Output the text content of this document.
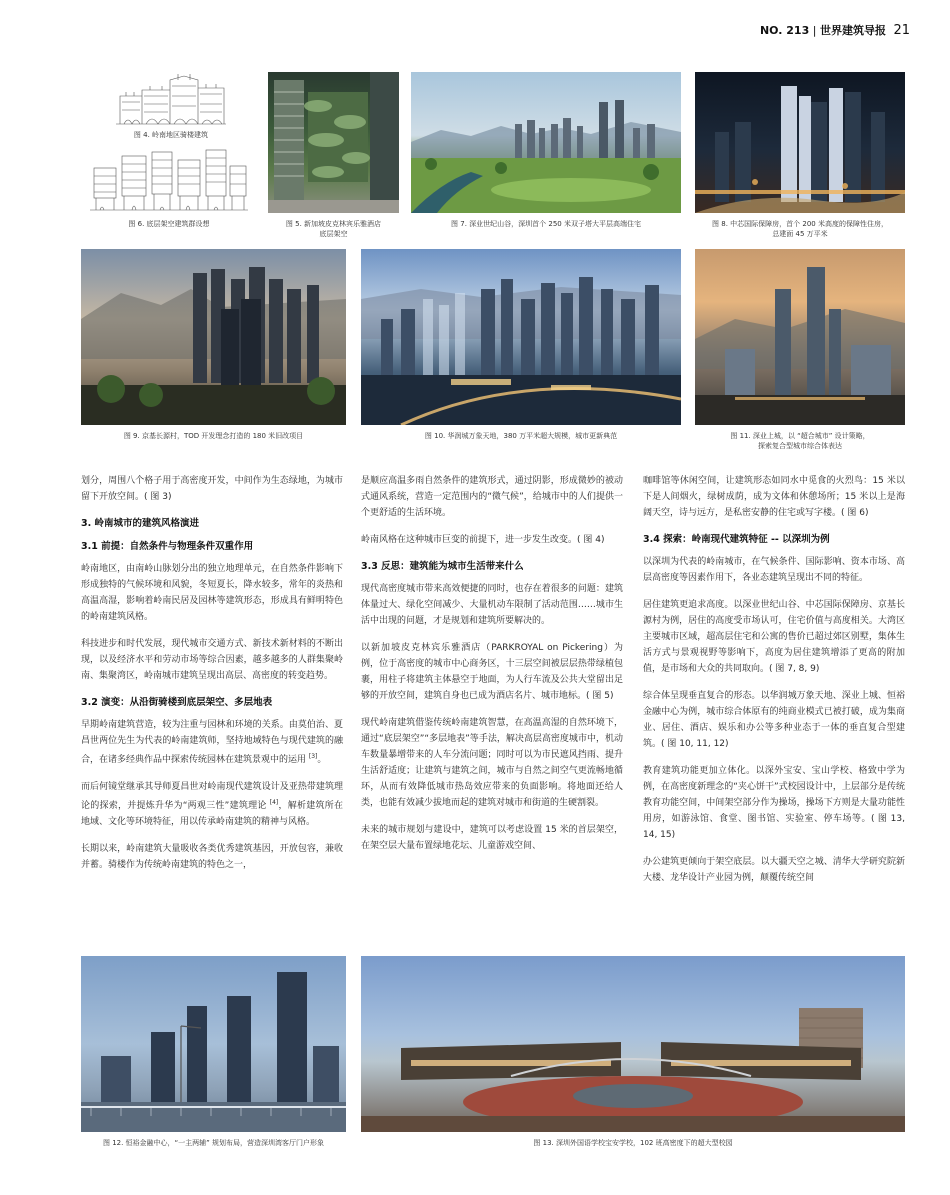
NO. 213 | 世界建筑导报 21
图 4. 岭南地区骑楼建筑
图 6. 底层架空建筑群设想	图 5. 新加坡皮克林宾乐雅酒店
底层架空
图 7. 深业世纪山谷，深圳首个 250 米双子塔大平层高端住宅	图 8. 中芯国际保障房，首个 200 米高度的保障性住房，
总建面 45 万平米
图 9. 京基长源村，TOD 开发理念打造的 180 米旧改项目	图 10. 华润城万象天地，380 万平米超大规模，城市更新典范	图 11. 深业上城，以 “超合城市” 设计策略，
探索复合型城市综合体表达

划分，周围八个格子用于高密度开发，中间作为生态绿地，为城市留下开放空间。( 图 3)

3. 岭南城市的建筑风格演进
3.1 前提：自然条件与物理条件双重作用

岭南地区，由南岭山脉划分出的独立地理单元，在自然条件影响下形成独特的气候环境和风貌，冬短夏长，降水较多，常年的炎热和高温高湿，影响着岭南民居及园林等建筑形态，形成具有鲜明特色的岭南建筑风格。

科技进步和时代发展，现代城市交通方式、新技术新材料的不断出现，以及经济水平和劳动市场等综合因素，越多越多的人群集聚岭南、集聚湾区，岭南城市建筑呈现出高层、高密度的转变趋势。

3.2 演变：从沿街骑楼到底层架空、多层地表

早期岭南建筑营造，较为注重与园林和环境的关系。由莫伯治、夏昌世两位先生为代表的岭南建筑师，坚持地域特色与现代建筑的融合，在诸多经典作品中探索传统园林在建筑景观中的运用 [3]。

而后何镜堂继承其导师夏昌世对岭南现代建筑设计及亚热带建筑理论的探索，并提炼升华为“两观三性”建筑理论 [4]，解析建筑所在地域、文化等环境特征，用以传承岭南建筑的精神与风格。

长期以来，岭南建筑大量吸收各类优秀建筑基因，开放包容，兼收并蓄。骑楼作为传统岭南建筑的特色之一，

是顺应高温多雨自然条件的建筑形式，通过阴影，形成微妙的被动式通风系统，营造一定范围内的“微气候”，给城市中的人们提供一个更舒适的生活环境。

岭南风格在这种城市巨变的前提下，进一步发生改变。( 图 4)

3.3 反思：建筑能为城市生活带来什么

现代高密度城市带来高效便捷的同时，也存在着很多的问题：建筑体量过大、绿化空间减少、大量机动车限制了活动范围……城市生活中出现的问题，才是规划和建筑所要解决的。

以新加坡皮克林宾乐雅酒店（PARKROYAL on Pickering）为例，位于高密度的城市中心商务区，十三层空间被层层热带绿植包裹，用柱子将建筑主体悬空于地面，为人行车流及公共大堂留出足够的开放空间，建筑自身也已成为酒店名片、城市地标。( 图 5)

现代岭南建筑借鉴传统岭南建筑智慧，在高温高湿的自然环境下，通过“底层架空”“多层地表”等手法，解决高层高密度城市中，机动车数量暴增带来的人车分流问题；同时可以为市民遮风挡雨、提升生活舒适度；让建筑与建筑之间，城市与自然之间空气更流畅地循环，从而有效降低城市热岛效应带来的负面影响。将地面还给人类，也能有效减少拔地而起的建筑对城市和街道的生硬割裂。

未来的城市规划与建设中，建筑可以考虑设置 15 米的首层架空，在架空层大量布置绿地花坛、儿童游戏空间、

咖啡馆等休闲空间，让建筑形态如同水中觅食的火烈鸟：15 米以下是人间烟火，绿树成荫，成为文体和休憩场所；15 米以上是海阔天空，诗与远方，是私密安静的住宅或写字楼。( 图 6)

3.4 探索：岭南现代建筑特征 -- 以深圳为例

以深圳为代表的岭南城市，在气候条件、国际影响、资本市场、高层高密度等因素作用下，各业态建筑呈现出不同的特征。

居住建筑更追求高度。以深业世纪山谷、中芯国际保障房、京基长源村为例，居住的高度受市场认可，住宅价值与高度相关。大湾区主要城市区域，超高层住宅和公寓的售价已超过郊区别墅，集体生活方式与景观视野等影响下，高度为居住建筑增添了更高的附加值，是市场和大众的共同取向。( 图 7, 8, 9)

综合体呈现垂直复合的形态。以华润城万象天地、深业上城、恒裕金融中心为例，城市综合体原有的纯商业模式已被打破，成为集商业、居住、酒店、娱乐和办公等多种业态于一体的垂直复合型建筑。( 图 10, 11, 12)

教育建筑功能更加立体化。以深外宝安、宝山学校、格致中学为例，在高密度新理念的“夹心饼干”式校园设计中，上层部分是传统教育功能空间，中间架空部分作为操场，操场下方则是大量功能性用房，如游泳馆、食堂、图书馆、实验室、停车场等。( 图 13, 14, 15)

办公建筑更倾向于架空底层。以大疆天空之城、清华大学研究院新大楼、龙华设计产业园为例，颠覆传统空间

图 12. 恒裕金融中心，“一主两辅” 规划布局，营造深圳湾客厅门户形象	图 13. 深圳外国语学校宝安学校，102 班高密度下的超大型校园
